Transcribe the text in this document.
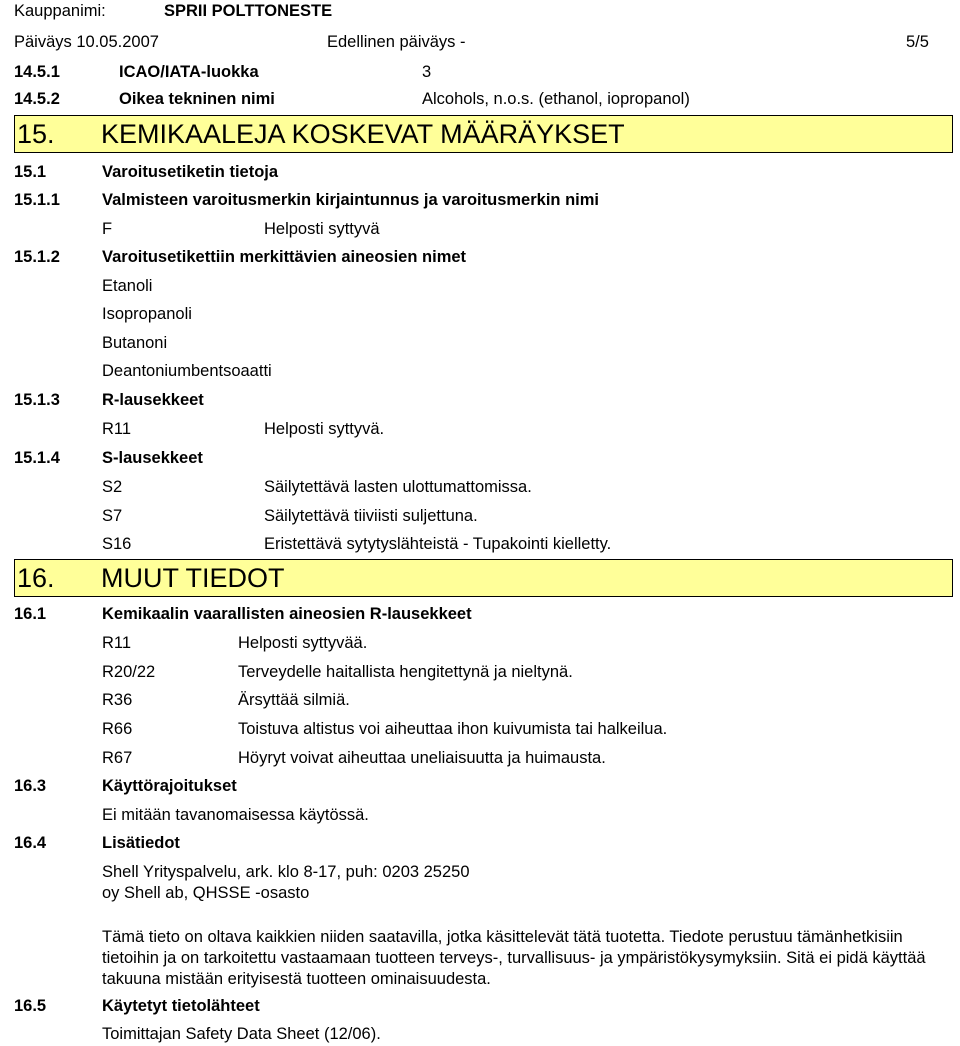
Kauppanimi:	SPRII POLTTONESTE
Päiväys 10.05.2007	Edellinen päiväys -	5/5
14.5.1	ICAO/IATA-luokka	3
14.5.2	Oikea tekninen nimi	Alcohols, n.o.s. (ethanol, iopropanol)
15. KEMIKAALEJA KOSKEVAT MÄÄRÄYKSET
15.1	Varoitusetiketin tietoja
15.1.1	Valmisteen varoitusmerkin kirjaintunnus ja varoitusmerkin nimi
F	Helposti syttyvä
15.1.2	Varoitusetikettiin merkittävien aineosien nimet
Etanoli
Isopropanoli
Butanoni
Deantoniumbentsoaatti
15.1.3	R-lausekkeet
R11	Helposti syttyvä.
15.1.4	S-lausekkeet
S2	Säilytettävä lasten ulottumattomissa.
S7	Säilytettävä tiiviisti suljettuna.
S16	Eristettävä sytytyslähteistä - Tupakointi kielletty.
16. MUUT TIEDOT
16.1	Kemikaalin vaarallisten aineosien R-lausekkeet
R11	Helposti syttyvää.
R20/22	Terveydelle haitallista hengitettynä ja nieltynä.
R36	Ärsyttää silmiä.
R66	Toistuva altistus voi aiheuttaa ihon kuivumista tai halkeilua.
R67	Höyryt voivat aiheuttaa uneliaisuutta ja huimausta.
16.3	Käyttörajoitukset
Ei mitään tavanomaisessa käytössä.
16.4	Lisätiedot
Shell Yrityspalvelu, ark. klo 8-17, puh: 0203 25250
oy Shell ab, QHSSE -osasto
Tämä tieto on oltava kaikkien niiden saatavilla, jotka käsittelevät tätä tuotetta. Tiedote perustuu tämänhetkisiin tietoihin ja on tarkoitettu vastaamaan tuotteen terveys-, turvallisuus- ja ympäristökysymyksiin. Sitä ei pidä käyttää takuuna mistään erityisestä tuotteen ominaisuudesta.
16.5	Käytetyt tietolähteet
Toimittajan Safety Data Sheet (12/06).
